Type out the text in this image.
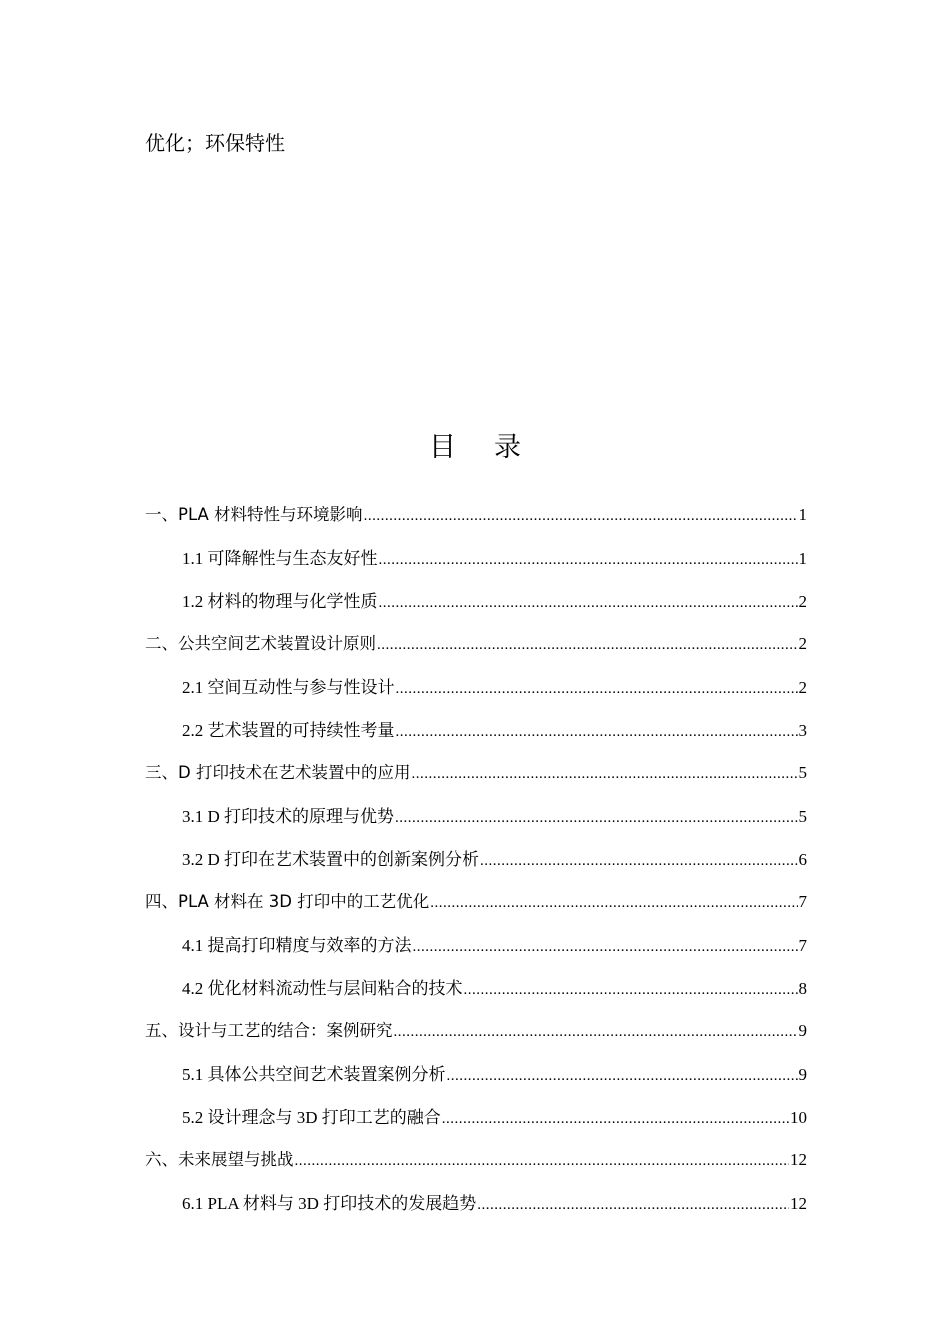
优化；环保特性
目 录
一、PLA 材料特性与环境影响 .....	1
1.1 可降解性与生态友好性 .....	1
1.2 材料的物理与化学性质 .....	2
二、公共空间艺术装置设计原则 .....	2
2.1 空间互动性与参与性设计 .....	2
2.2 艺术装置的可持续性考量 .....	3
三、D 打印技术在艺术装置中的应用 .....	5
3.1 D 打印技术的原理与优势 .....	5
3.2 D 打印在艺术装置中的创新案例分析 .....	6
四、PLA 材料在 3D 打印中的工艺优化 .....	7
4.1 提高打印精度与效率的方法 .....	7
4.2 优化材料流动性与层间粘合的技术 .....	8
五、设计与工艺的结合：案例研究 .....	9
5.1 具体公共空间艺术装置案例分析 .....	9
5.2 设计理念与 3D 打印工艺的融合 .....	10
六、未来展望与挑战 .....	12
6.1 PLA 材料与 3D 打印技术的发展趋势 .....	12
